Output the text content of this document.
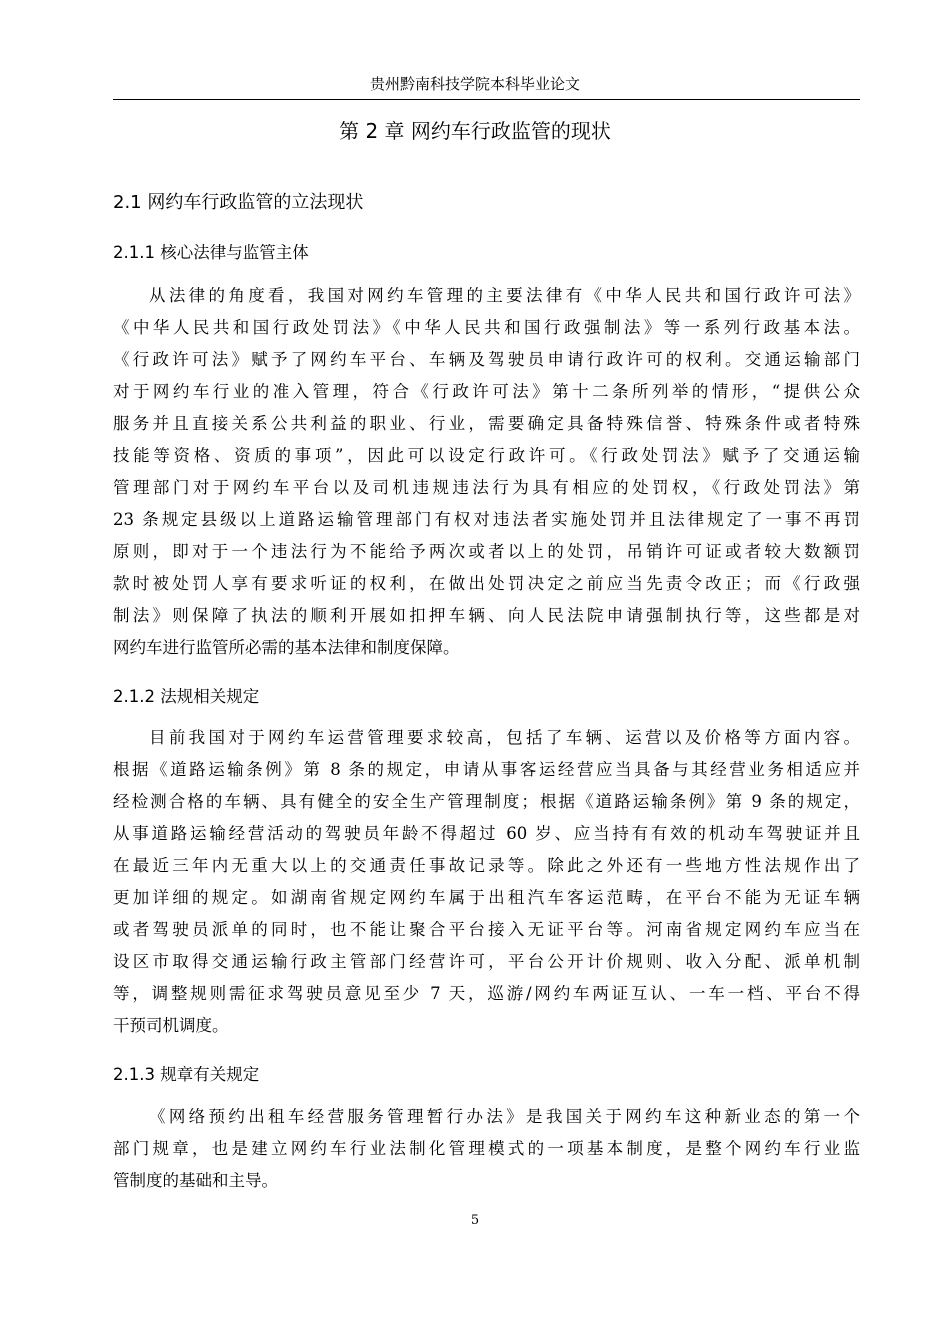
贵州黔南科技学院本科毕业论文
第 2 章 网约车行政监管的现状
2.1 网约车行政监管的立法现状
2.1.1 核心法律与监管主体
从法律的角度看，我国对网约车管理的主要法律有《中华人民共和国行政许可法》
《中华人民共和国行政处罚法》《中华人民共和国行政强制法》等一系列行政基本法。
《行政许可法》赋予了网约车平台、车辆及驾驶员申请行政许可的权利。交通运输部门
对于网约车行业的准入管理，符合《行政许可法》第十二条所列举的情形，“提供公众
服务并且直接关系公共利益的职业、行业，需要确定具备特殊信誉、特殊条件或者特殊
技能等资格、资质的事项”，因此可以设定行政许可。《行政处罚法》赋予了交通运输
管理部门对于网约车平台以及司机违规违法行为具有相应的处罚权，《行政处罚法》第
23 条规定县级以上道路运输管理部门有权对违法者实施处罚并且法律规定了一事不再罚
原则，即对于一个违法行为不能给予两次或者以上的处罚，吊销许可证或者较大数额罚
款时被处罚人享有要求听证的权利，在做出处罚决定之前应当先责令改正；而《行政强
制法》则保障了执法的顺利开展如扣押车辆、向人民法院申请强制执行等，这些都是对
网约车进行监管所必需的基本法律和制度保障。
2.1.2 法规相关规定
目前我国对于网约车运营管理要求较高，包括了车辆、运营以及价格等方面内容。
根据《道路运输条例》第 8 条的规定，申请从事客运经营应当具备与其经营业务相适应并
经检测合格的车辆、具有健全的安全生产管理制度；根据《道路运输条例》第 9 条的规定，
从事道路运输经营活动的驾驶员年龄不得超过 60 岁、应当持有有效的机动车驾驶证并且
在最近三年内无重大以上的交通责任事故记录等。除此之外还有一些地方性法规作出了
更加详细的规定。如湖南省规定网约车属于出租汽车客运范畴，在平台不能为无证车辆
或者驾驶员派单的同时，也不能让聚合平台接入无证平台等。河南省规定网约车应当在
设区市取得交通运输行政主管部门经营许可，平台公开计价规则、收入分配、派单机制
等，调整规则需征求驾驶员意见至少 7 天，巡游/网约车两证互认、一车一档、平台不得
干预司机调度。
2.1.3 规章有关规定
《网络预约出租车经营服务管理暂行办法》是我国关于网约车这种新业态的第一个
部门规章，也是建立网约车行业法制化管理模式的一项基本制度，是整个网约车行业监
管制度的基础和主导。
5
